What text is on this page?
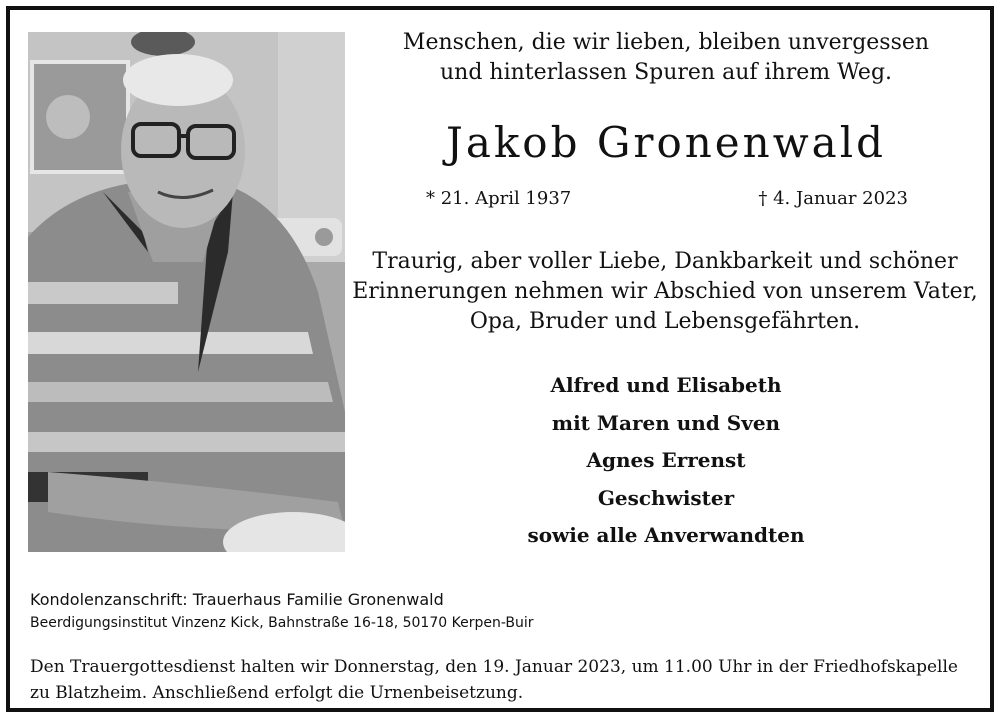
Menschen, die wir lieben, bleiben unvergessen
und hinterlassen Spuren auf ihrem Weg.
Jakob Gronenwald
* 21. April 1937	† 4. Januar 2023
Traurig, aber voller Liebe, Dankbarkeit und schöner
Erinnerungen nehmen wir Abschied von unserem Vater,
Opa, Bruder und Lebensgefährten.
Alfred und Elisabeth
mit Maren und Sven
Agnes Errenst
Geschwister
sowie alle Anverwandten
Kondolenzanschrift: Trauerhaus Familie Gronenwald
Beerdigungsinstitut Vinzenz Kick, Bahnstraße 16-18, 50170 Kerpen-Buir
Den Trauergottesdienst halten wir Donnerstag, den 19. Januar 2023, um 11.00 Uhr in der Friedhofskapelle
zu Blatzheim. Anschließend erfolgt die Urnenbeisetzung.
